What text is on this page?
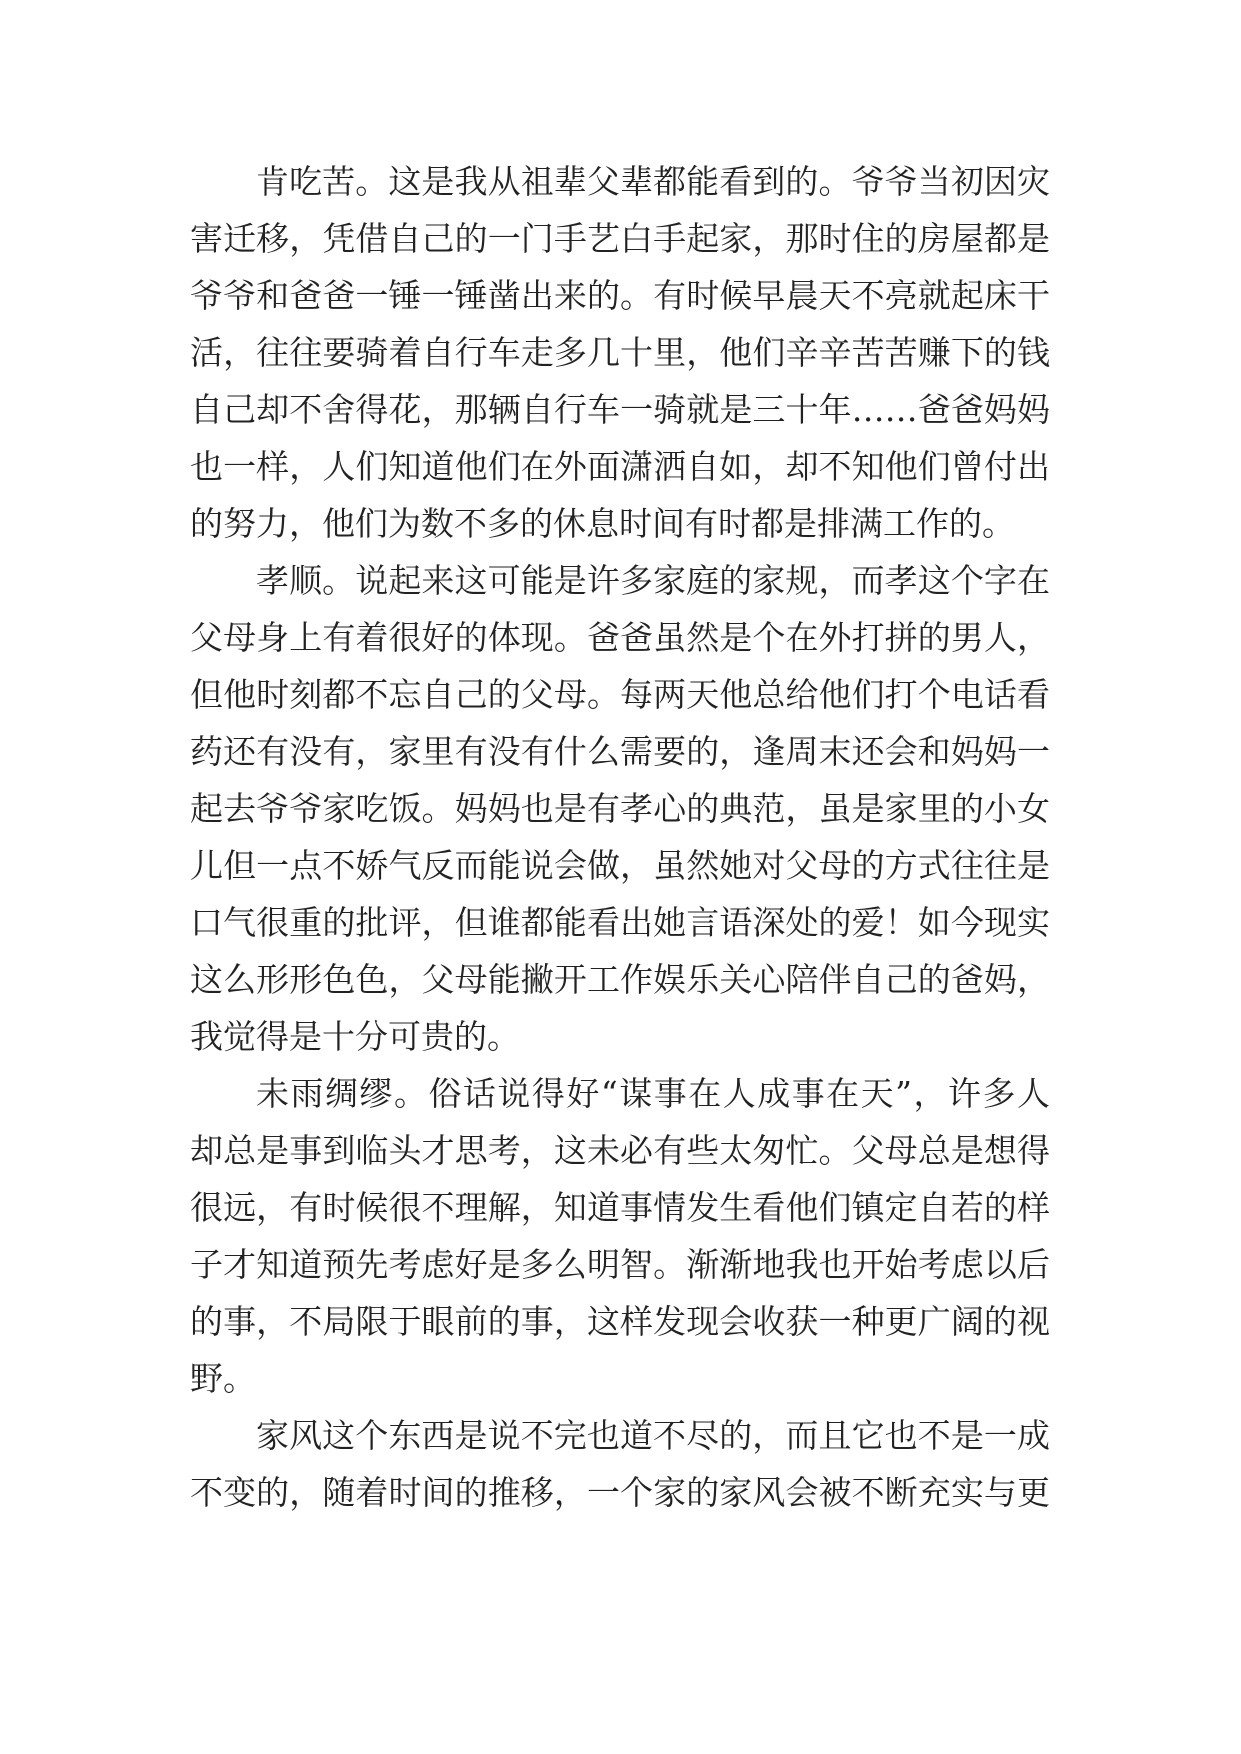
肯吃苦。这是我从祖辈父辈都能看到的。爷爷当初因灾
害迁移，凭借自己的一门手艺白手起家，那时住的房屋都是
爷爷和爸爸一锤一锤凿出来的。有时候早晨天不亮就起床干
活，往往要骑着自行车走多几十里，他们辛辛苦苦赚下的钱
自己却不舍得花，那辆自行车一骑就是三十年……爸爸妈妈
也一样，人们知道他们在外面潇洒自如，却不知他们曾付出
的努力，他们为数不多的休息时间有时都是排满工作的。
孝顺。说起来这可能是许多家庭的家规，而孝这个字在
父母身上有着很好的体现。爸爸虽然是个在外打拼的男人，
但他时刻都不忘自己的父母。每两天他总给他们打个电话看
药还有没有，家里有没有什么需要的，逢周末还会和妈妈一
起去爷爷家吃饭。妈妈也是有孝心的典范，虽是家里的小女
儿但一点不娇气反而能说会做，虽然她对父母的方式往往是
口气很重的批评，但谁都能看出她言语深处的爱！如今现实
这么形形色色，父母能撇开工作娱乐关心陪伴自己的爸妈，
我觉得是十分可贵的。
未雨绸缪。俗话说得好“谋事在人成事在天”，许多人
却总是事到临头才思考，这未必有些太匆忙。父母总是想得
很远，有时候很不理解，知道事情发生看他们镇定自若的样
子才知道预先考虑好是多么明智。渐渐地我也开始考虑以后
的事，不局限于眼前的事，这样发现会收获一种更广阔的视
野。
家风这个东西是说不完也道不尽的，而且它也不是一成
不变的，随着时间的推移，一个家的家风会被不断充实与更
